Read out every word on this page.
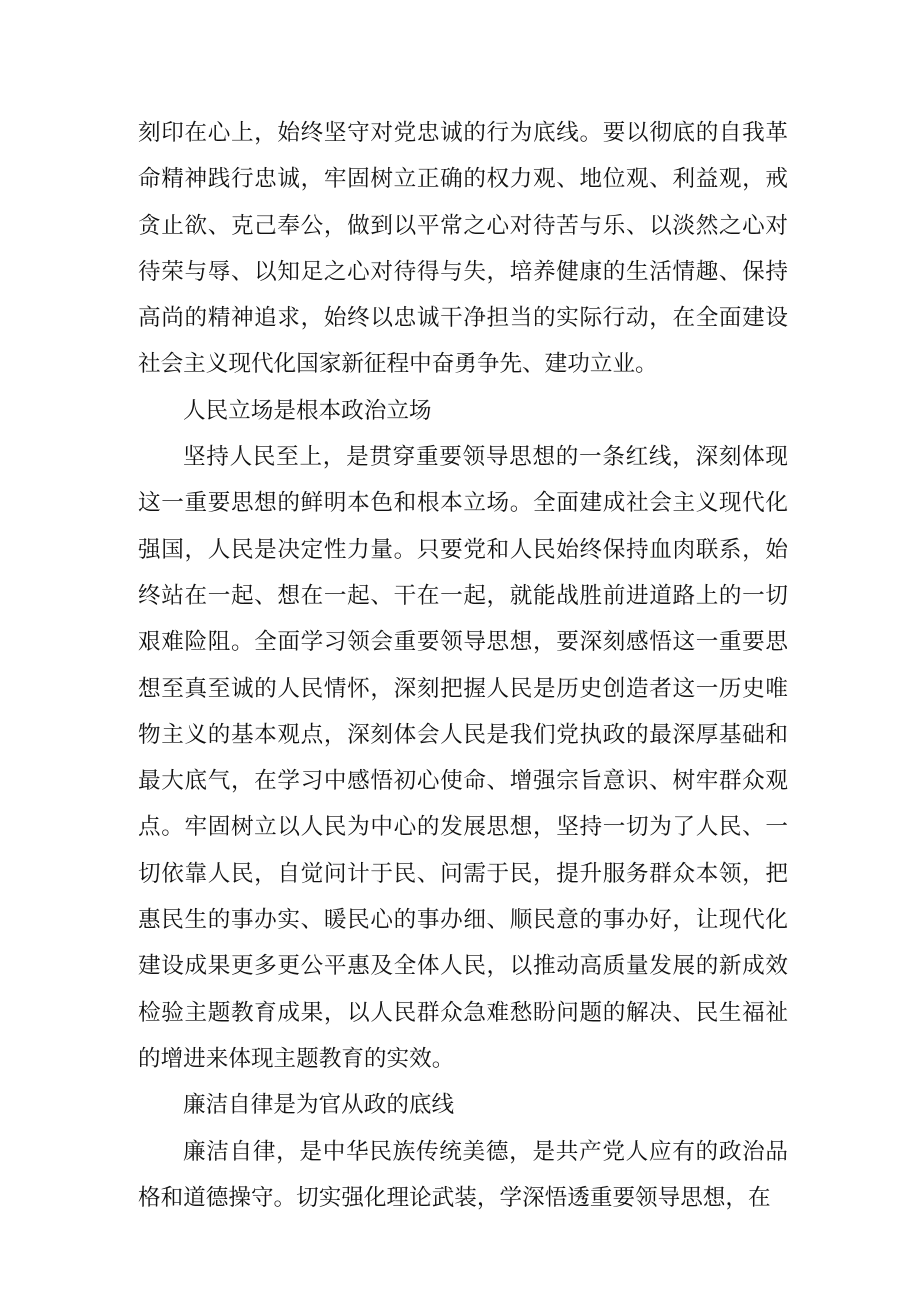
刻印在心上，始终坚守对党忠诚的行为底线。要以彻底的自我革命精神践行忠诚，牢固树立正确的权力观、地位观、利益观，戒贪止欲、克己奉公，做到以平常之心对待苦与乐、以淡然之心对待荣与辱、以知足之心对待得与失，培养健康的生活情趣、保持高尚的精神追求，始终以忠诚干净担当的实际行动，在全面建设社会主义现代化国家新征程中奋勇争先、建功立业。

人民立场是根本政治立场

坚持人民至上，是贯穿重要领导思想的一条红线，深刻体现这一重要思想的鲜明本色和根本立场。全面建成社会主义现代化强国，人民是决定性力量。只要党和人民始终保持血肉联系，始终站在一起、想在一起、干在一起，就能战胜前进道路上的一切艰难险阻。全面学习领会重要领导思想，要深刻感悟这一重要思想至真至诚的人民情怀，深刻把握人民是历史创造者这一历史唯物主义的基本观点，深刻体会人民是我们党执政的最深厚基础和最大底气，在学习中感悟初心使命、增强宗旨意识、树牢群众观点。牢固树立以人民为中心的发展思想，坚持一切为了人民、一切依靠人民，自觉问计于民、问需于民，提升服务群众本领，把惠民生的事办实、暖民心的事办细、顺民意的事办好，让现代化建设成果更多更公平惠及全体人民，以推动高质量发展的新成效检验主题教育成果，以人民群众急难愁盼问题的解决、民生福祉的增进来体现主题教育的实效。

廉洁自律是为官从政的底线

廉洁自律，是中华民族传统美德，是共产党人应有的政治品格和道德操守。切实强化理论武装，学深悟透重要领导思想，在
